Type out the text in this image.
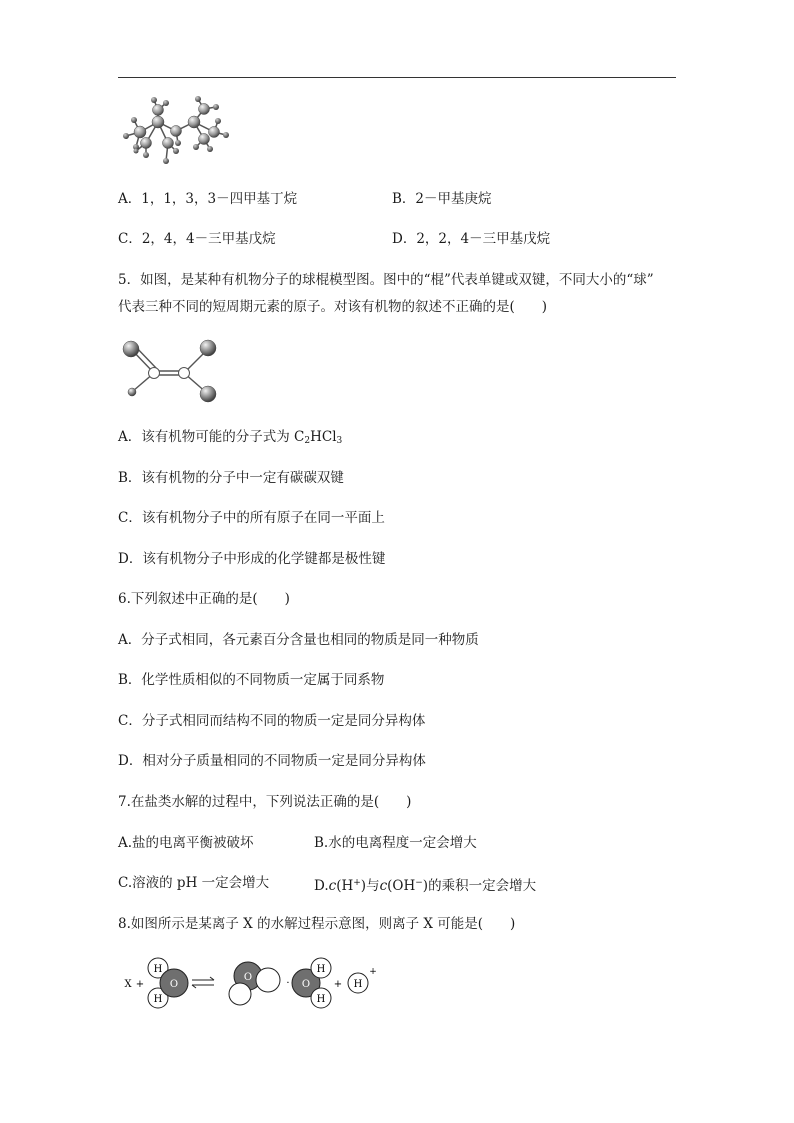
A．1，1，3，3－四甲基丁烷	B．2－甲基庚烷
C．2，4，4－三甲基戊烷	D．2，2，4－三甲基戊烷
5．如图，是某种有机物分子的球棍模型图。图中的“棍”代表单键或双键，不同大小的“球”
代表三种不同的短周期元素的原子。对该有机物的叙述不正确的是(　　)
A．该有机物可能的分子式为 $C_2HCl_3$
B．该有机物的分子中一定有碳碳双键
C．该有机物分子中的所有原子在同一平面上
D．该有机物分子中形成的化学键都是极性键
6.下列叙述中正确的是(　　)
A．分子式相同，各元素百分含量也相同的物质是同一种物质
B．化学性质相似的不同物质一定属于同系物
C．分子式相同而结构不同的物质一定是同分异构体
D．相对分子质量相同的不同物质一定是同分异构体
7.在盐类水解的过程中，下列说法正确的是(　　)
A.盐的电离平衡被破坏	B.水的电离程度一定会增大
C.溶液的 pH 一定会增大	D.c(H+)与c(OH−)的乘积一定会增大
8.如图所示是某离子 X 的水解过程示意图，则离子 X 可能是(　　)
X +
H
H
O
O
· O
H
H
+ H
+
